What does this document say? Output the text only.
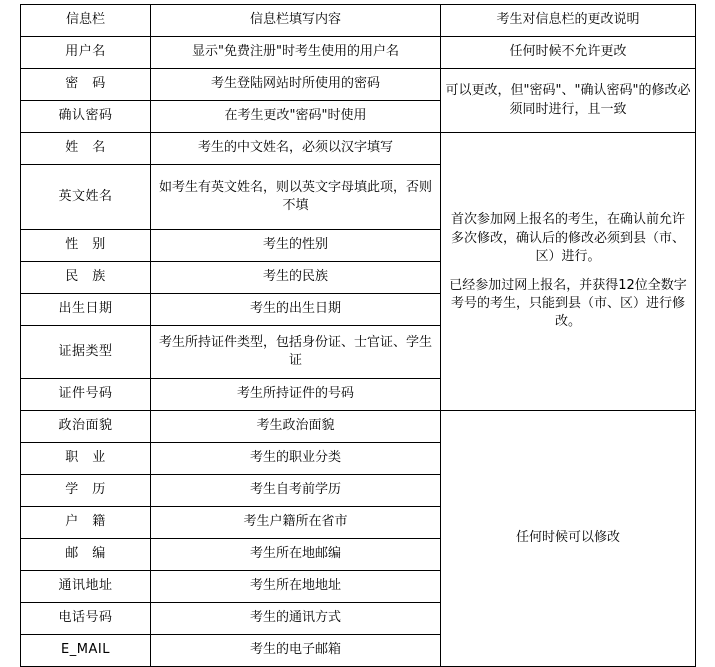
信息栏	信息栏填写内容	考生对信息栏的更改说明
用户名	显示"免费注册"时考生使用的用户名	任何时候不允许更改
密　码	考生登陆网站时所使用的密码	可以更改，但"密码"、"确认密码"的修改必须同时进行，且一致
确认密码	在考生更改"密码"时使用	
姓　名	考生的中文姓名，必须以汉字填写	首次参加网上报名的考生，在确认前允许多次修改，确认后的修改必须到县（市、区）进行。

已经参加过网上报名，并获得12位全数字考号的考生，只能到县（市、区）进行修改。

英文姓名	如考生有英文姓名，则以英文字母填此项，否则不填	
性　别	考生的性别	
民　族	考生的民族	
出生日期	考生的出生日期	
证据类型	考生所持证件类型，包括身份证、士官证、学生证	
证件号码	考生所持证件的号码	
政治面貌	考生政治面貌	任何时候可以修改
职　业	考生的职业分类	
学　历	考生自考前学历	
户　籍	考生户籍所在省市	
邮　编	考生所在地邮编	
通讯地址	考生所在地地址	
电话号码	考生的通讯方式	
E_MAIL	考生的电子邮箱	
